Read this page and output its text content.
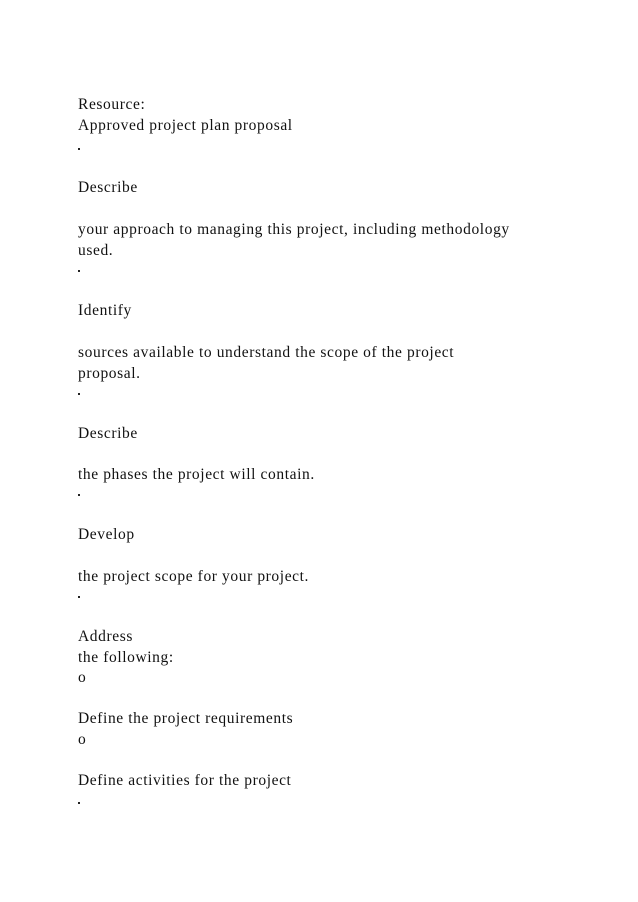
Resource:

Approved project plan proposal

Describe

your approach to managing this project, including methodology

used.

Identify

sources available to understand the scope of the project

proposal.

Describe

the phases the project will contain.

Develop

the project scope for your project.

Address

the following:

o

Define the project requirements

o

Define activities for the project
